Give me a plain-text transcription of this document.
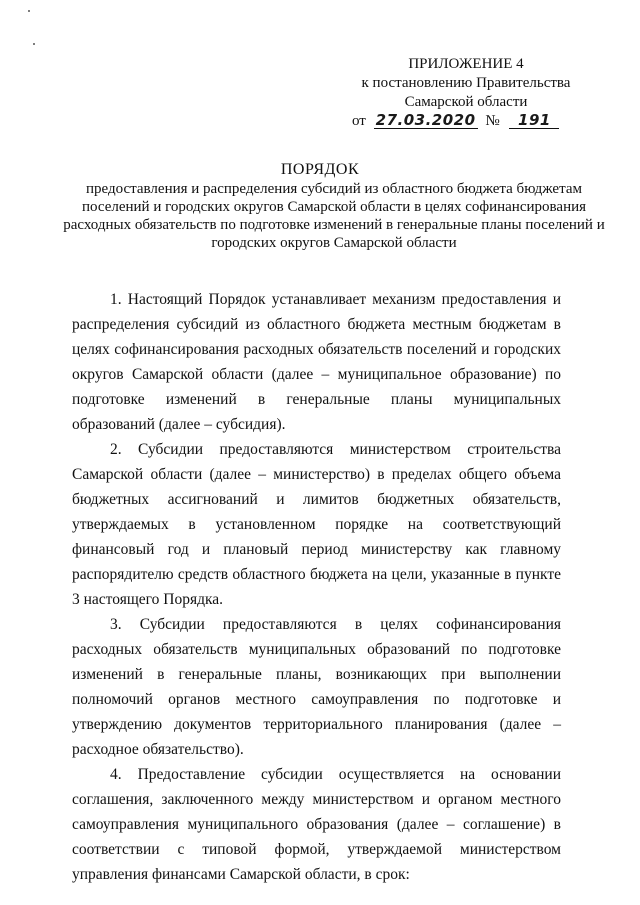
ПРИЛОЖЕНИЕ 4
к постановлению Правительства
Самарской области
от 27.03.2020 № 191
ПОРЯДОК
предоставления и распределения субсидий из областного бюджета бюджетам поселений и городских округов Самарской области в целях софинансирования расходных обязательств по подготовке изменений в генеральные планы поселений и городских округов Самарской области

1. Настоящий Порядок устанавливает механизм предоставления и распределения субсидий из областного бюджета местным бюджетам в целях софинансирования расходных обязательств поселений и городских округов Самарской области (далее – муниципальное образование) по подготовке изменений в генеральные планы муниципальных образований (далее – субсидия).

2. Субсидии предоставляются министерством строительства Самарской области (далее – министерство) в пределах общего объема бюджетных ассигнований и лимитов бюджетных обязательств, утверждаемых в установленном порядке на соответствующий финансовый год и плановый период министерству как главному распорядителю средств областного бюджета на цели, указанные в пункте 3 настоящего Порядка.

3. Субсидии предоставляются в целях софинансирования расходных обязательств муниципальных образований по подготовке изменений в генеральные планы, возникающих при выполнении полномочий органов местного самоуправления по подготовке и утверждению документов территориального планирования (далее – расходное обязательство).

4. Предоставление субсидии осуществляется на основании соглашения, заключенного между министерством и органом местного самоуправления муниципального образования (далее – соглашение) в соответствии с типовой формой, утверждаемой министерством управления финансами Самарской области, в срок:
